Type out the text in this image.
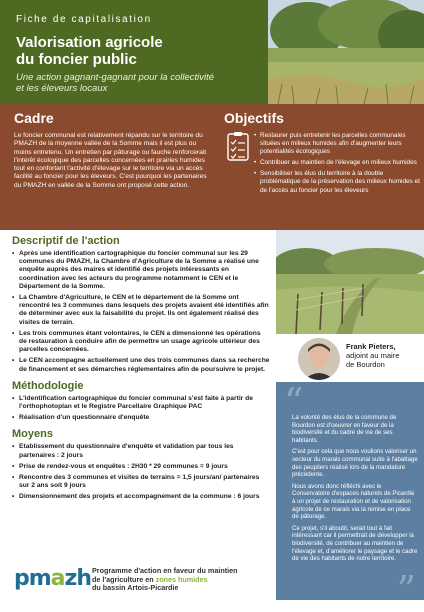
Fiche de capitalisation

Valorisation agricole
du foncier public

Une action gagnant-gagnant pour la collectivité
et les éleveurs locaux

Cadre

Le foncier communal est relativement répandu sur le territoire du PMAZH de la moyenne vallée de la Somme mais il est plus ou moins entretenu. Un entretien par pâturage ou fauche renforcerait l'intérêt écologique des parcelles concernées en prairies humides tout en confortant l'activité d'élevage sur le territoire via un accès facilité au foncier pour les éleveurs. C'est pourquoi les partenaires du PMAZH en vallée de la Somme ont proposé cette action.

Objectifs
• Restaurer puis entretenir les parcelles communales situées en milieux humides afin d'augmenter leurs potentialités écologiques
• Contribuer au maintien de l'élevage en milieux humides
• Sensibiliser les élus du territoire à la double problématique de la préservation des milieux humides et de l'accès au foncier pour les éleveurs
Descriptif de l'action
• Après une identification cartographique du foncier communal sur les 29 communes du PMAZH, la Chambre d'Agriculture de la Somme a réalisé une enquête auprès des maires et identifié des projets intéressants en coordination avec les acteurs du programme notamment le CEN et le Département de la Somme.
• La Chambre d'Agriculture, le CEN et le département de la Somme ont rencontré les 3 communes dans lesquels des projets avaient été identifiés afin de déterminer avec eux la faisabilité du projet. Ils ont également réalisé des visites de terrain.
• Les trois communes étant volontaires, le CEN a dimensionné les opérations de restauration à conduire afin de permettre un usage agricole ultérieur des parcelles concernées.
• Le CEN accompagne actuellement une des trois communes dans sa recherche de financement et ses démarches réglementaires afin de poursuivre le projet.
Méthodologie
• L'identification cartographique du foncier communal s'est faite à partir de l'orthophotoplan et le Registre Parcellaire Graphique PAC
• Réalisation d'un questionnaire d'enquête
Moyens
• Etablissement du questionnaire d'enquête et validation par tous les partenaires : 2 jours
• Prise de rendez-vous et enquêtes : 2H30 * 29 communes = 9 jours
• Rencontre des 3 communes et visites de terrains = 1,5 jours/an/ partenaires sur 2 ans soit 9 jours
• Dimensionnement des projets et accompagnement de la commune : 6 jours
Frank Pieters,
adjoint au maire
de Bourdon
“

La volonté des élus de la commune de Bourdon est d'oeuvrer en faveur de la biodiversité et du cadre de vie de ses habitants.

C'est pour cela que nous voulions valoriser un secteur du marais communal suite à l'abattage des peupliers réalisé lors de la mandature précédente.

Nous avons donc réfléchi avec le Conservatoire d'espaces naturels de Picardie à un projet de restauration et de valorisation agricole de ce marais via la remise en place de pâturage.

Ce projet, s'il aboutit, serait tout à fait intéressant car il permettrait de développer la biodiversité, de contribuer au maintien de l'élevage et, d'améliorer le paysage et le cadre de vie des habitants de notre territoire.

”
pmazh Programme d'action en faveur du maintien
de l'agriculture en zones humides
du bassin Artois-Picardie
